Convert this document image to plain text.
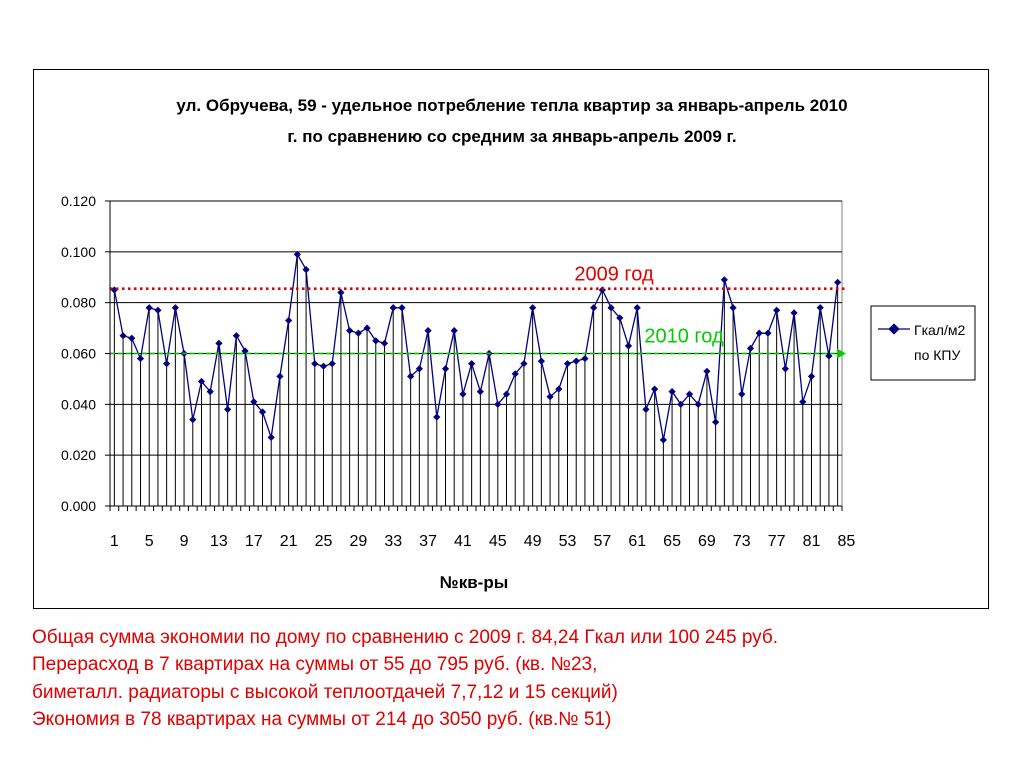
ул. Обручева, 59 - удельное потребление тепла квартир за январь-апрель 2010
г. по сравнению со средним за январь-апрель 2009 г.
№кв-ры
2009 год
2010 год
0.000
0.020
0.040
0.060
0.080
0.100
0.120
1 5 9 13 17 21 25 29 33 37 41 45 49 53 57 61 65 69 73 77 81 85
Гкал/м2
по КПУ
Общая сумма экономии по дому по сравнению с 2009 г. 84,24 Гкал или 100 245 руб.
Перерасход в 7 квартирах на суммы от 55 до 795 руб. (кв. №23,
биметалл. радиаторы с высокой теплоотдачей 7,7,12 и 15 секций)
Экономия в 78 квартирах на суммы от 214 до 3050 руб. (кв.№ 51)
